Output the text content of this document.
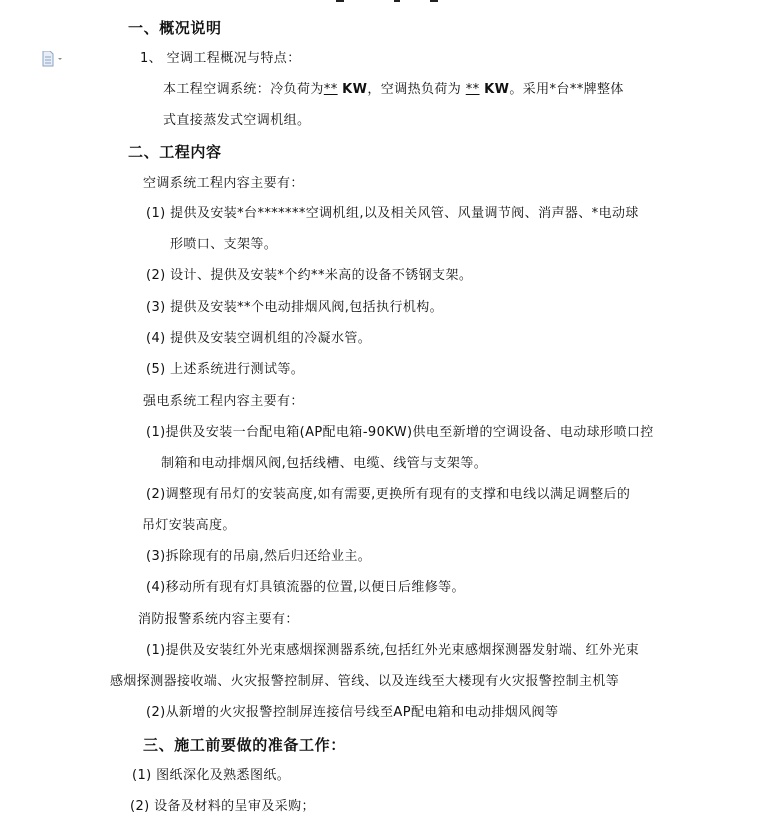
一、概况说明
1、 空调工程概况与特点：
本工程空调系统：冷负荷为** KW，空调热负荷为 ** KW。采用*台**牌整体
式直接蒸发式空调机组。
二、工程内容
空调系统工程内容主要有：
(1) 提供及安装*台*******空调机组,以及相关风管、风量调节阀、消声器、*电动球
形喷口、支架等。
(2) 设计、提供及安装*个约**米高的设备不锈钢支架。
(3) 提供及安装**个电动排烟风阀,包括执行机构。
(4) 提供及安装空调机组的冷凝水管。
(5) 上述系统进行测试等。
强电系统工程内容主要有：
(1)提供及安装一台配电箱(AP配电箱-90KW)供电至新增的空调设备、电动球形喷口控
制箱和电动排烟风阀,包括线槽、电缆、线管与支架等。
(2)调整现有吊灯的安装高度,如有需要,更换所有现有的支撑和电线以满足调整后的
吊灯安装高度。
(3)拆除现有的吊扇,然后归还给业主。
(4)移动所有现有灯具镇流器的位置,以便日后维修等。
消防报警系统内容主要有：
(1)提供及安装红外光束感烟探测器系统,包括红外光束感烟探测器发射端、红外光束
感烟探测器接收端、火灾报警控制屏、管线、以及连线至大楼现有火灾报警控制主机等
(2)从新增的火灾报警控制屏连接信号线至AP配电箱和电动排烟风阀等
三、施工前要做的准备工作：
(1) 图纸深化及熟悉图纸。
(2) 设备及材料的呈审及采购；
